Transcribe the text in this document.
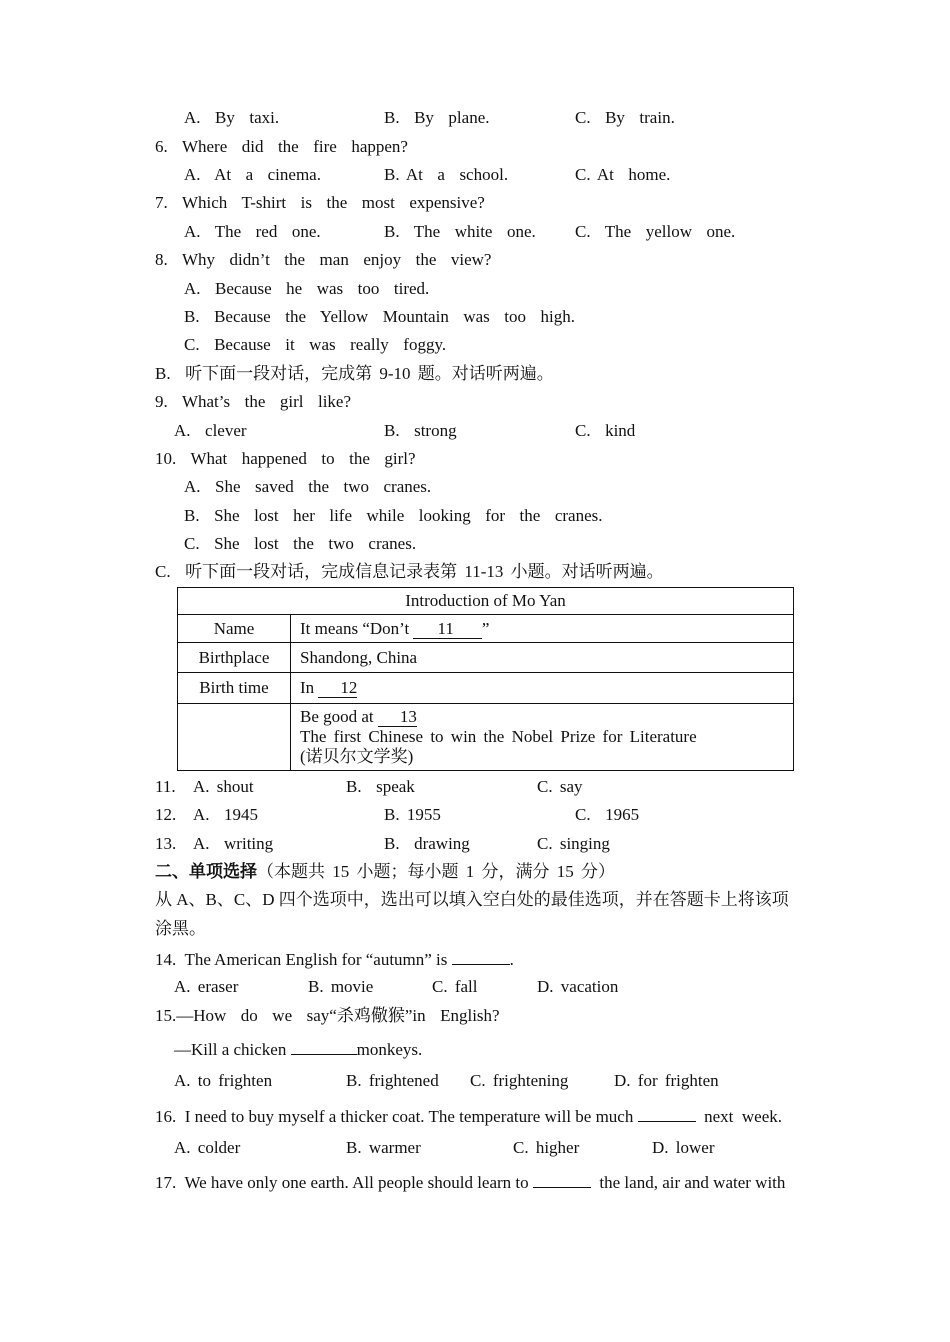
A.  By  taxi.	B.  By  plane.	C.  By  train.
6.  Where  did  the  fire  happen?
A.  At  a  cinema.	B. At  a  school.	C. At  home.
7.  Which  T-shirt  is  the  most  expensive?
A.  The  red  one.	B.  The  white  one. C.  The  yellow  one.
8.  Why  didn’t  the  man  enjoy  the  view?
A.  Because  he  was  too  tired.
B.  Because  the  Yellow  Mountain  was  too  high.
C.  Because  it  was  really  foggy.
B.  听下面一段对话，完成第 9-10 题。对话听两遍。
9.  What’s  the  girl  like?
A.  clever	B.  strong	C.  kind
10.  What  happened  to  the  girl?
A.  She  saved  the  two  cranes.
B.  She  lost  her  life  while  looking  for  the  cranes.
C.  She  lost  the  two  cranes.
C.  听下面一段对话，完成信息记录表第 11-13 小题。对话听两遍。
Introduction of Mo Yan	
Name	It means “Don’t 11 ”
Birthplace	Shandong, China
Birth time	In 12

	Be good at 13
The first Chinese to win the Nobel Prize for Literature
(诺贝尔文学奖)
11. A. shout	B.  speak	C. say
12. A.  1945	B. 1955	C.  1965
13. A.  writing	B.  drawing	C. singing
二、单项选择（本题共 15 小题；每小题 1 分，满分 15 分）
从 A、B、C、D 四个选项中，选出可以填入空白处的最佳选项，并在答题卡上将该项
涂黑。
14.  The American English for “autumn” is	.
A. eraser	B. movie	C. fall	D. vacation
15.—How  do  we  say“杀鸡儆猴”in  English?
—Kill a chicken	monkeys.
A. to frighten	B. frightened C. frightening	D. for frighten
16.  I need to buy myself a thicker coat. The temperature will be much	next  week.
A. colder	B. warmer	C. higher	D. lower
17.  We have only one earth. All people should learn to	the land, air and water with
